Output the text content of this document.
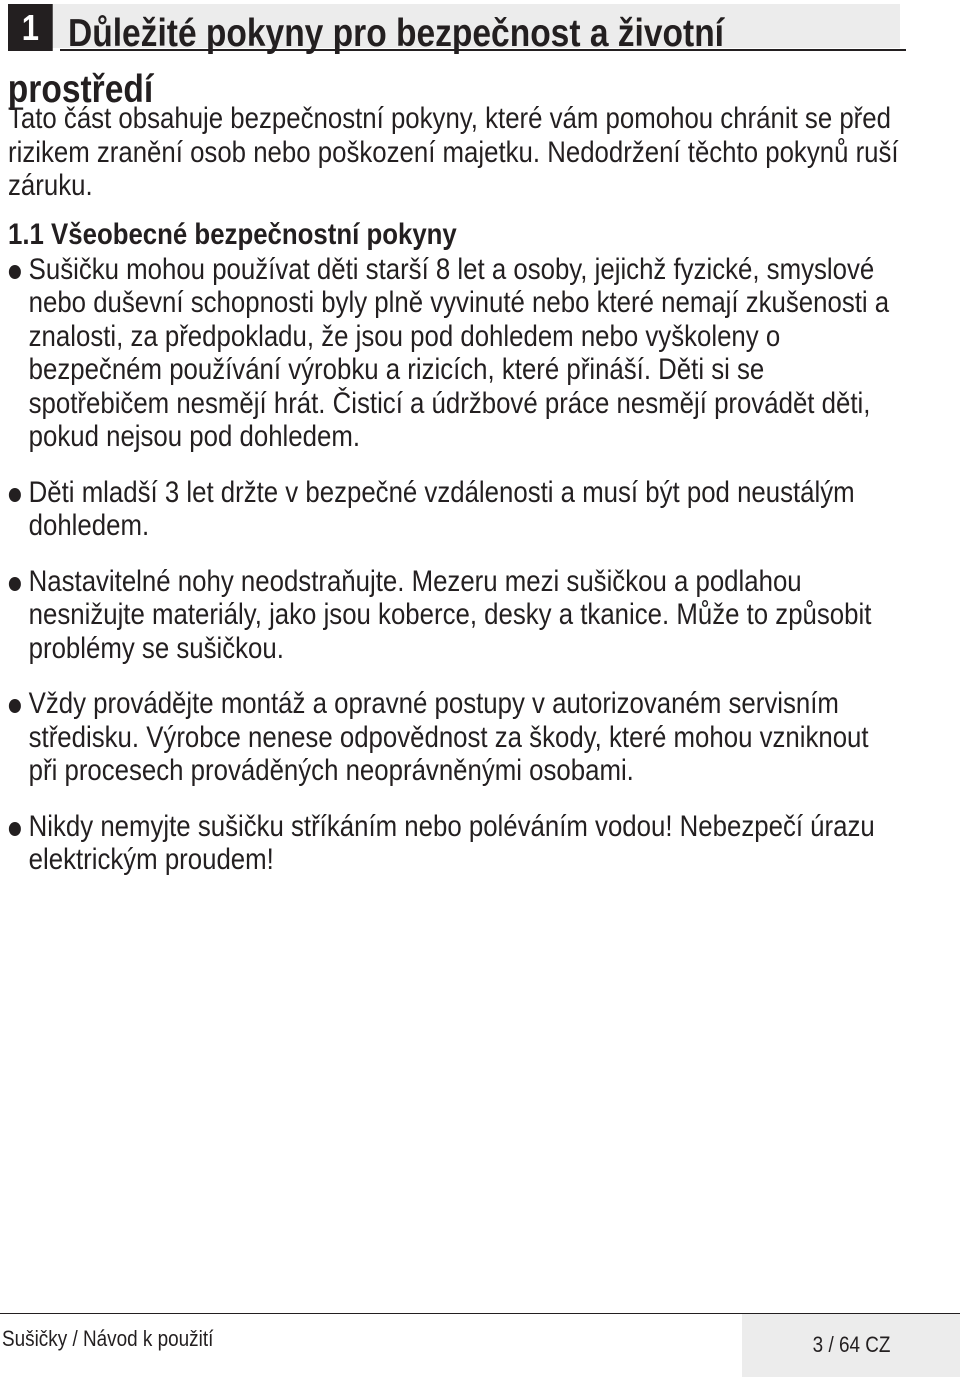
1 Důležité pokyny pro bezpečnost a životní
prostředí

Tato část obsahuje bezpečnostní pokyny, které vám pomohou chránit se před rizikem zranění osob nebo poškození majetku. Nedodržení těchto pokynů ruší záruku.

1.1 Všeobecné bezpečnostní pokyny
Sušičku mohou používat děti starší 8 let a osoby, jejichž fyzické, smyslové nebo duševní schopnosti byly plně vyvinuté nebo které nemají zkušenosti a znalosti, za předpokladu, že jsou pod dohledem nebo vyškoleny o bezpečném používání výrobku a rizicích, které přináší. Děti si se spotřebičem nesmějí hrát. Čisticí a údržbové práce nesmějí provádět děti, pokud nejsou pod dohledem.
Děti mladší 3 let držte v bezpečné vzdálenosti a musí být pod neustálým dohledem.
Nastavitelné nohy neodstraňujte. Mezeru mezi sušičkou a podlahou nesnižujte materiály, jako jsou koberce, desky a tkanice. Může to způsobit problémy se sušičkou.
Vždy provádějte montáž a opravné postupy v autorizovaném servisním středisku. Výrobce nenese odpovědnost za škody, které mohou vzniknout při procesech prováděných neoprávněnými osobami.
Nikdy nemyjte sušičku stříkáním nebo poléváním vodou! Nebezpečí úrazu elektrickým proudem!
Sušičky / Návod k použití	3 / 64 CZ
